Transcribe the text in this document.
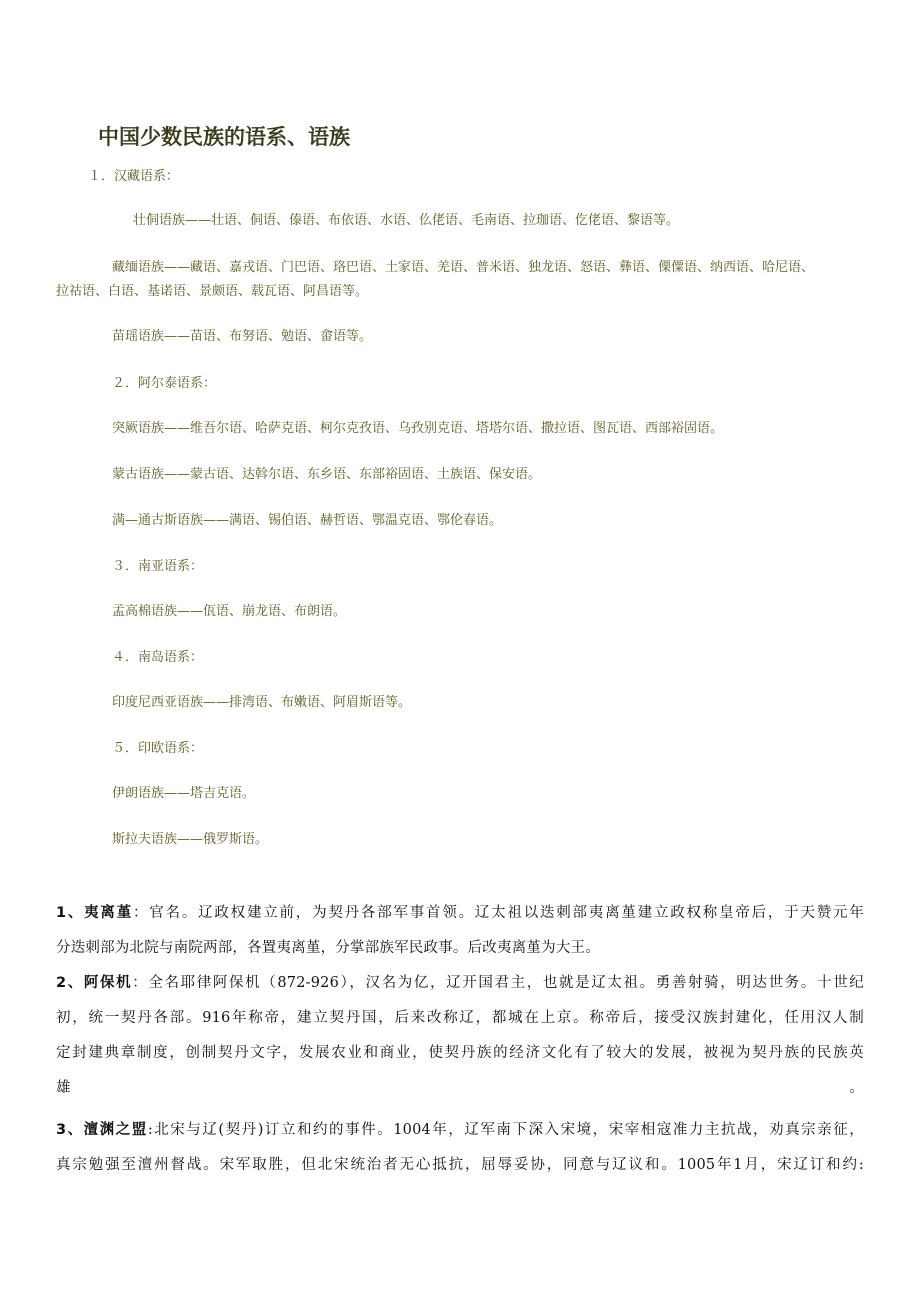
中国少数民族的语系、语族
１．汉藏语系：
壮侗语族——壮语、侗语、傣语、布依语、水语、仫佬语、毛南语、拉珈语、仡佬语、黎语等。
藏缅语族——藏语、嘉戎语、门巴语、珞巴语、土家语、羌语、普米语、独龙语、怒语、彝语、傈僳语、纳西语、哈尼语、
拉祜语、白语、基诺语、景颇语、载瓦语、阿昌语等。
苗瑶语族——苗语、布努语、勉语、畲语等。
２．阿尔泰语系：
突厥语族——维吾尔语、哈萨克语、柯尔克孜语、乌孜别克语、塔塔尔语、撒拉语、图瓦语、西部裕固语。
蒙古语族——蒙古语、达斡尔语、东乡语、东部裕固语、土族语、保安语。
满—通古斯语族——满语、锡伯语、赫哲语、鄂温克语、鄂伦春语。
３．南亚语系：
孟高棉语族——佤语、崩龙语、布朗语。
４．南岛语系：
印度尼西亚语族——排湾语、布嫩语、阿眉斯语等。
５．印欧语系：
伊朗语族——塔吉克语。
斯拉夫语族——俄罗斯语。
1、夷离堇：官名。辽政权建立前，为契丹各部军事首领。辽太祖以迭刺部夷离堇建立政权称皇帝后，于天赞元年
分迭刺部为北院与南院两部，各置夷离堇，分掌部族军民政事。后改夷离堇为大王。
2、阿保机：全名耶律阿保机（872-926），汉名为亿，辽开国君主，也就是辽太祖。勇善射骑，明达世务。十世纪
初，统一契丹各部。916年称帝，建立契丹国，后来改称辽，都城在上京。称帝后，接受汉族封建化，任用汉人制
定封建典章制度，创制契丹文字，发展农业和商业，使契丹族的经济文化有了较大的发展，被视为契丹族的民族英
雄。
3、澶渊之盟:北宋与辽(契丹)订立和约的事件。1004年，辽军南下深入宋境，宋宰相寇准力主抗战，劝真宗亲征，
真宗勉强至澶州督战。宋军取胜，但北宋统治者无心抵抗，屈辱妥协，同意与辽议和。1005年1月，宋辽订和约:
